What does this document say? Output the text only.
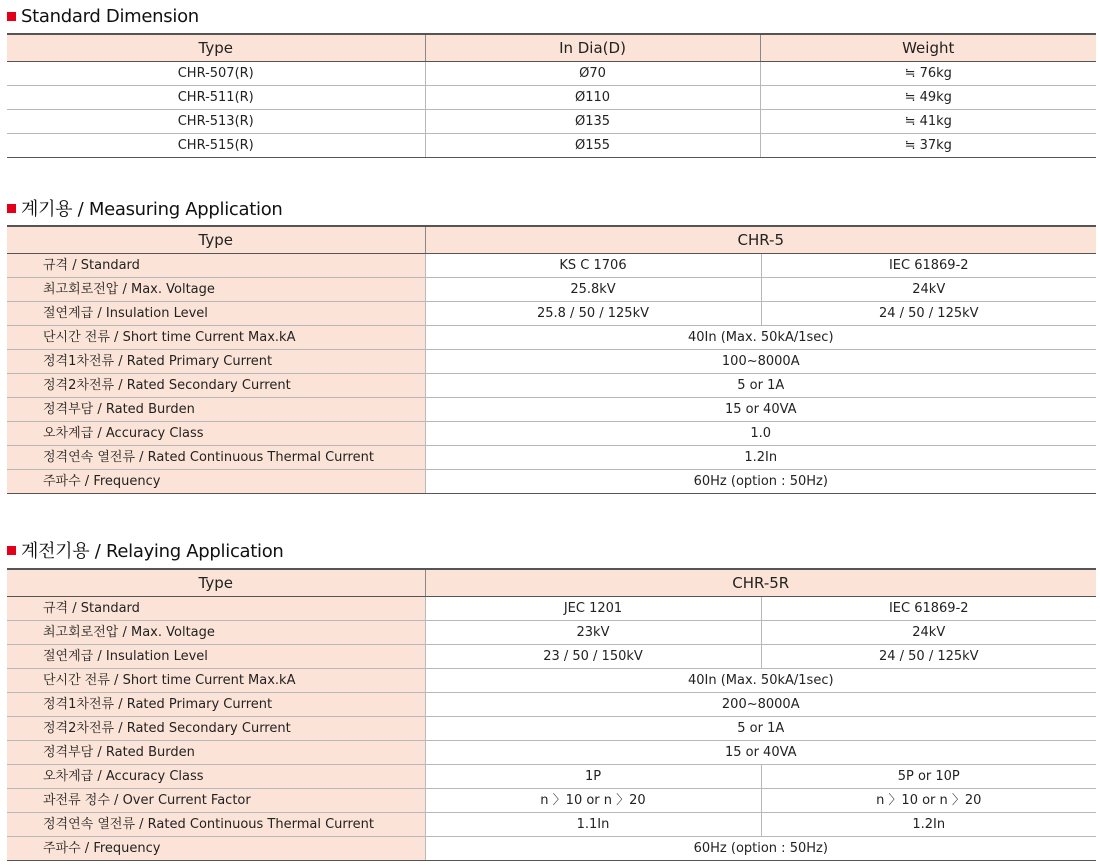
Standard Dimension
Type	In Dia(D)	Weight
CHR-507(R)	Ø70	≒ 76kg
CHR-511(R)	Ø110	≒ 49kg
CHR-513(R)	Ø135	≒ 41kg
CHR-515(R)	Ø155	≒ 37kg
계기용 / Measuring Application
Type	CHR-5	
규격 / Standard	KS C 1706	IEC 61869-2
최고회로전압 / Max. Voltage	25.8kV	24kV
절연계급 / Insulation Level	25.8 / 50 / 125kV	24 / 50 / 125kV
단시간 전류 / Short time Current Max.kA	40In (Max. 50kA/1sec)	
정격1차전류 / Rated Primary Current	100~8000A	
정격2차전류 / Rated Secondary Current	5 or 1A	
정격부담 / Rated Burden	15 or 40VA	
오차계급 / Accuracy Class	1.0	
정격연속 열전류 / Rated Continuous Thermal Current	1.2In	
주파수 / Frequency	60Hz (option : 50Hz)	
계전기용 / Relaying Application
Type	CHR-5R	
규격 / Standard	JEC 1201	IEC 61869-2
최고회로전압 / Max. Voltage	23kV	24kV
절연계급 / Insulation Level	23 / 50 / 150kV	24 / 50 / 125kV
단시간 전류 / Short time Current Max.kA	40In (Max. 50kA/1sec)	
정격1차전류 / Rated Primary Current	200~8000A	
정격2차전류 / Rated Secondary Current	5 or 1A	
정격부담 / Rated Burden	15 or 40VA	
오차계급 / Accuracy Class	1P	5P or 10P
과전류 정수 / Over Current Factor	n 〉10 or n 〉20	n 〉10 or n 〉20
정격연속 열전류 / Rated Continuous Thermal Current	1.1In	1.2In
주파수 / Frequency	60Hz (option : 50Hz)	
